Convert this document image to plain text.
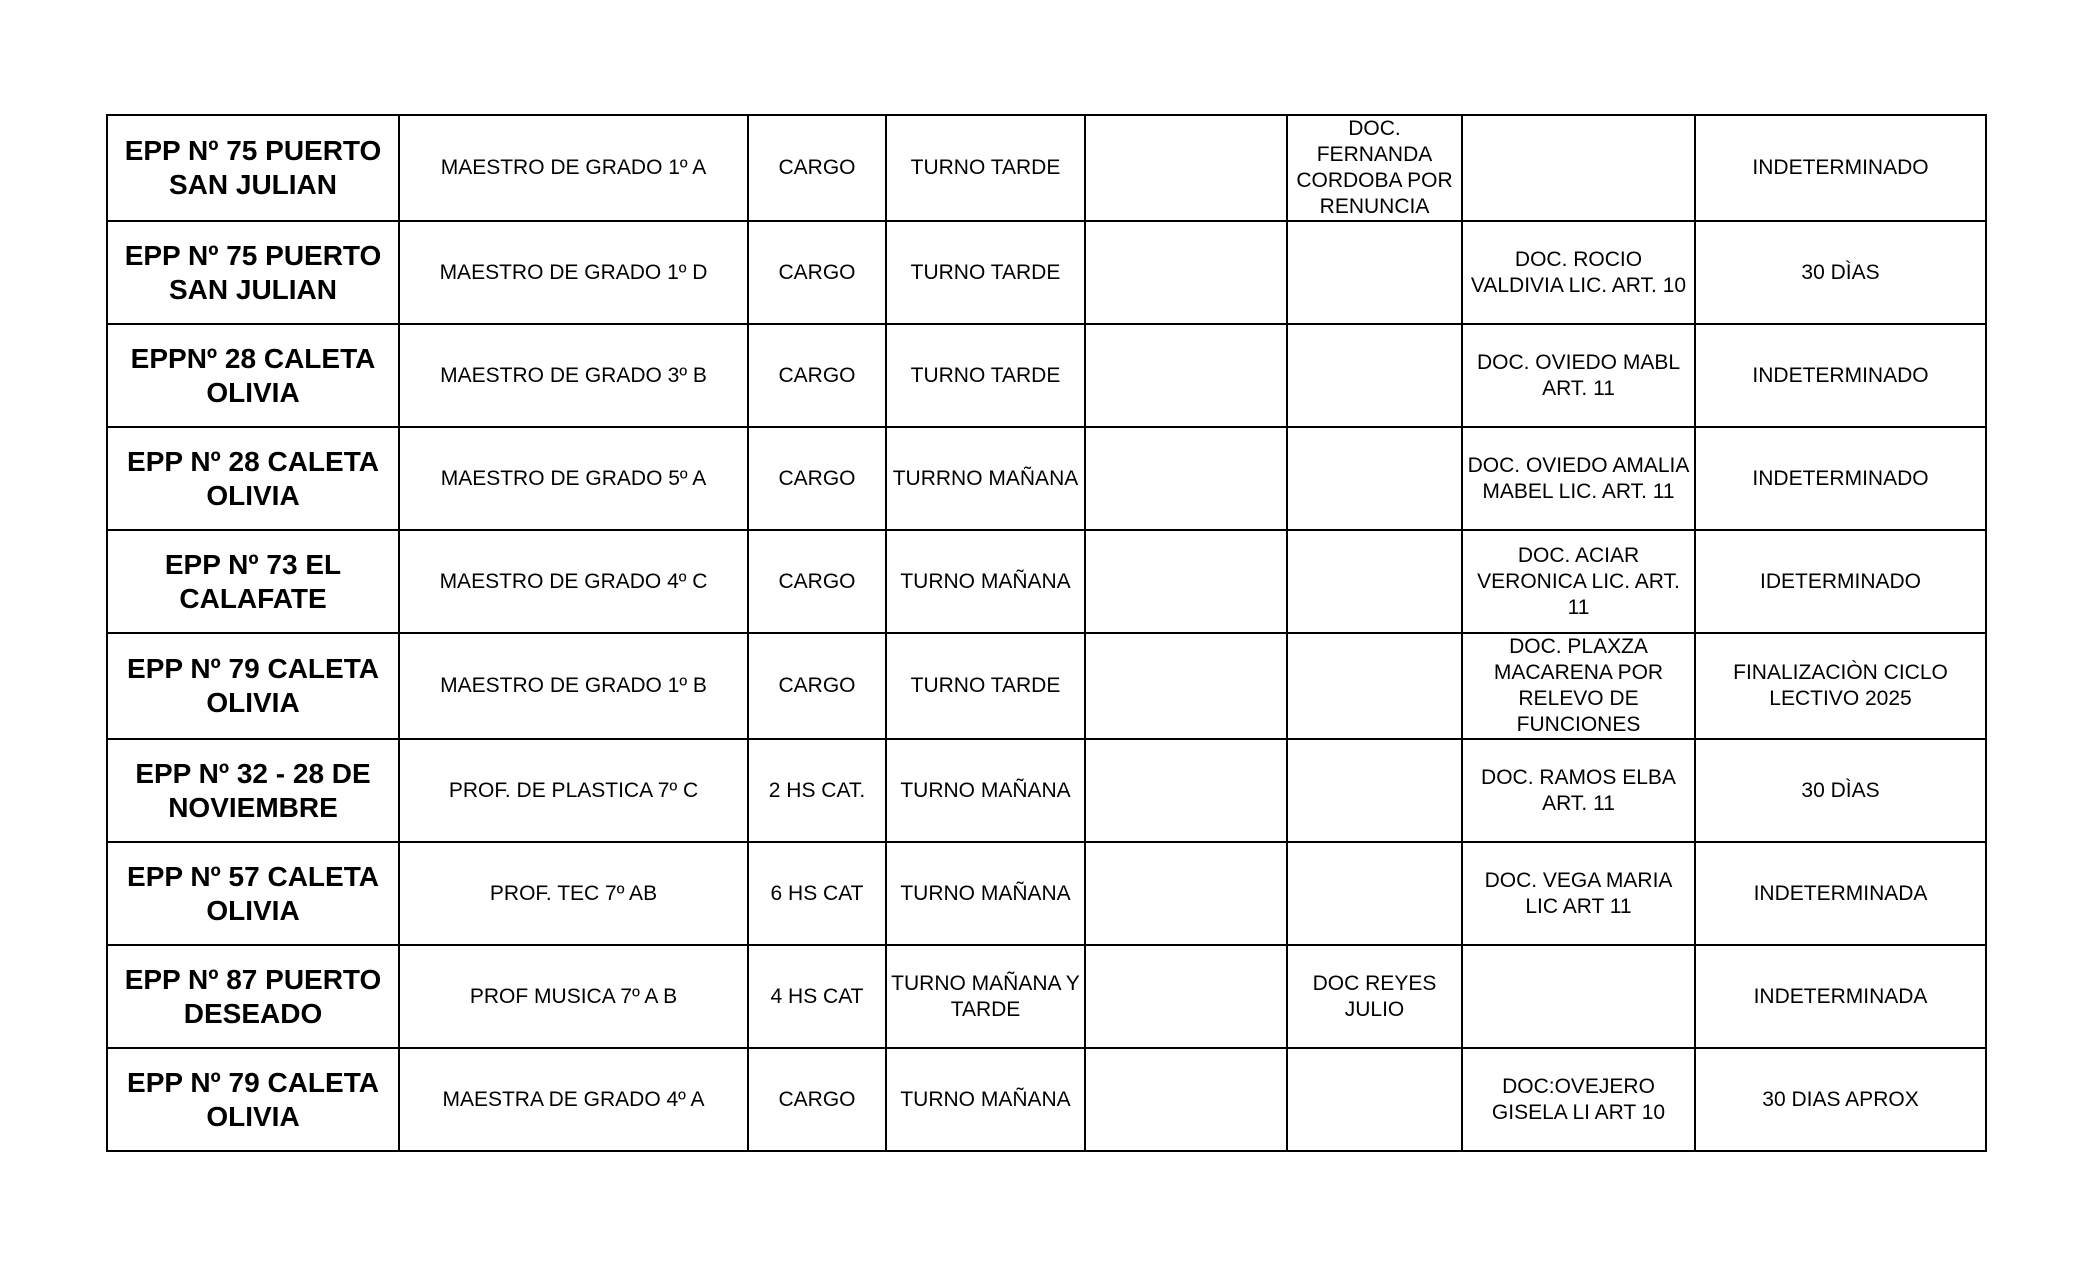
EPP Nº 75 PUERTO SAN JULIAN	MAESTRO DE GRADO 1º A	CARGO	TURNO TARDE		DOC. FERNANDA CORDOBA POR RENUNCIA		INDETERMINADO
EPP Nº 75 PUERTO SAN JULIAN	MAESTRO DE GRADO 1º D	CARGO	TURNO TARDE			DOC. ROCIO VALDIVIA LIC. ART. 10	30 DÌAS
EPPNº 28 CALETA OLIVIA	MAESTRO DE GRADO 3º B	CARGO	TURNO TARDE			DOC. OVIEDO MABL ART. 11	INDETERMINADO
EPP Nº 28 CALETA OLIVIA	MAESTRO DE GRADO 5º A	CARGO	TURRNO MAÑANA			DOC. OVIEDO AMALIA MABEL LIC. ART. 11	INDETERMINADO
EPP Nº 73 EL CALAFATE	MAESTRO DE GRADO 4º C	CARGO	TURNO MAÑANA			DOC. ACIAR VERONICA LIC. ART. 11	IDETERMINADO
EPP Nº 79 CALETA OLIVIA	MAESTRO DE GRADO 1º B	CARGO	TURNO TARDE			DOC. PLAXZA MACARENA POR RELEVO DE FUNCIONES	FINALIZACIÒN CICLO LECTIVO 2025
EPP Nº 32 - 28 DE NOVIEMBRE	PROF. DE PLASTICA 7º C	2 HS CAT.	TURNO MAÑANA			DOC. RAMOS ELBA ART. 11	30 DÌAS
EPP Nº 57 CALETA OLIVIA	PROF. TEC 7º AB	6 HS CAT	TURNO MAÑANA			DOC. VEGA MARIA LIC ART 11	INDETERMINADA
EPP Nº 87 PUERTO DESEADO	PROF MUSICA 7º A B	4 HS CAT	TURNO MAÑANA Y TARDE		DOC REYES JULIO		INDETERMINADA
EPP Nº 79 CALETA OLIVIA	MAESTRA DE GRADO 4º A	CARGO	TURNO MAÑANA			DOC:OVEJERO GISELA LI ART 10	30 DIAS APROX
